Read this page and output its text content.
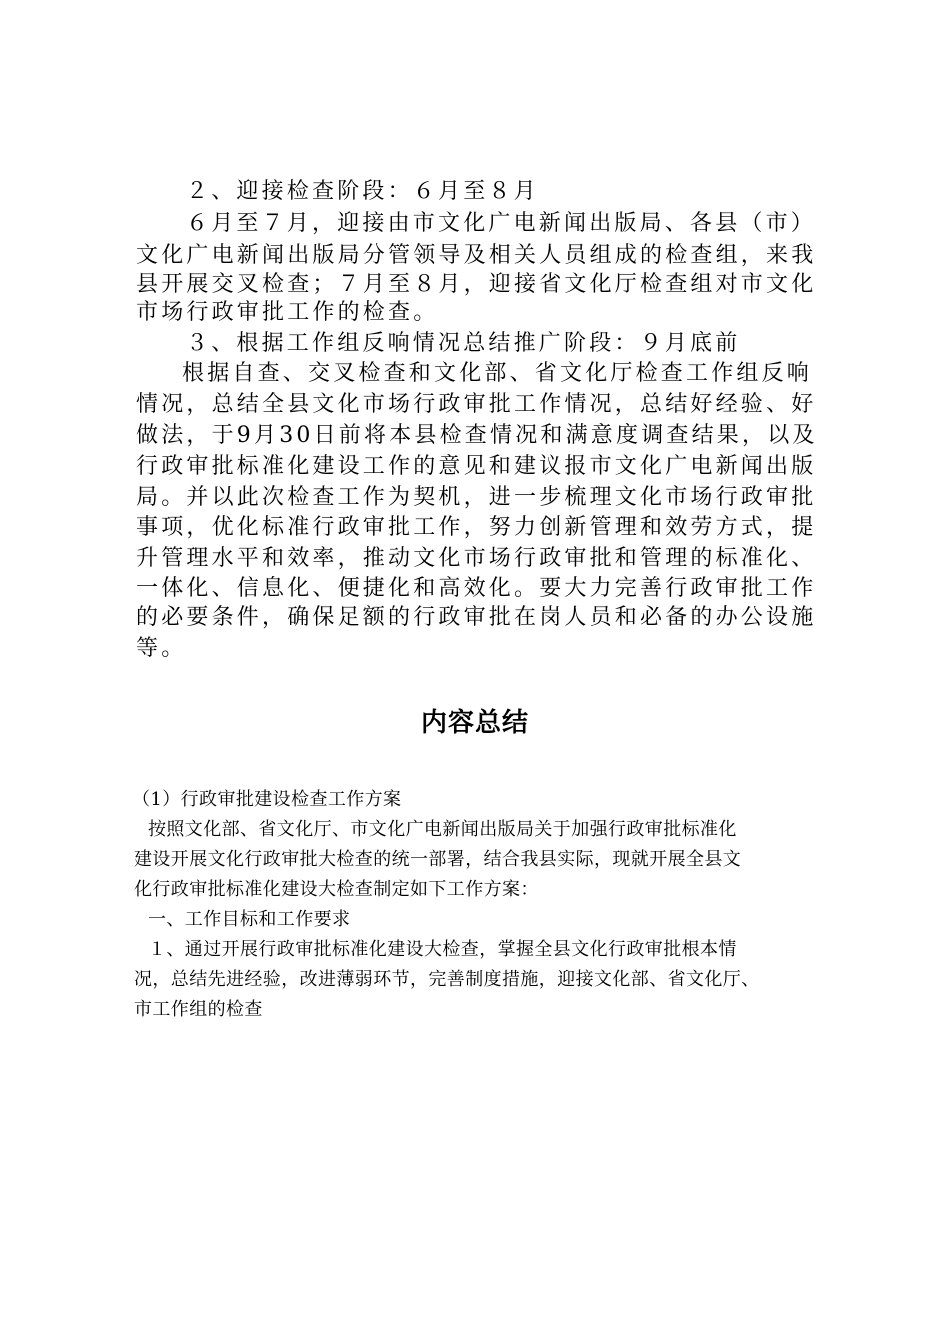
２、迎接检查阶段：６月至８月

６月至７月，迎接由市文化广电新闻出版局、各县（市）

文化广电新闻出版局分管领导及相关人员组成的检查组，来我

县开展交叉检查；７月至８月，迎接省文化厅检查组对市文化

市场行政审批工作的检查。

３、根据工作组反响情况总结推广阶段：９月底前

根据自查、交叉检查和文化部、省文化厅检查工作组反响

情况，总结全县文化市场行政审批工作情况，总结好经验、好

做法，于9月30日前将本县检查情况和满意度调查结果，以及

行政审批标准化建设工作的意见和建议报市文化广电新闻出版

局。并以此次检查工作为契机，进一步梳理文化市场行政审批

事项，优化标准行政审批工作，努力创新管理和效劳方式，提

升管理水平和效率，推动文化市场行政审批和管理的标准化、

一体化、信息化、便捷化和高效化。要大力完善行政审批工作

的必要条件，确保足额的行政审批在岗人员和必备的办公设施

等。

内容总结

（1）行政审批建设检查工作方案

按照文化部、省文化厅、市文化广电新闻出版局关于加强行政审批标准化

建设开展文化行政审批大检查的统一部署，结合我县实际，现就开展全县文

化行政审批标准化建设大检查制定如下工作方案：

一、工作目标和工作要求

１、通过开展行政审批标准化建设大检查，掌握全县文化行政审批根本情

况，总结先进经验，改进薄弱环节，完善制度措施，迎接文化部、省文化厅、

市工作组的检查
